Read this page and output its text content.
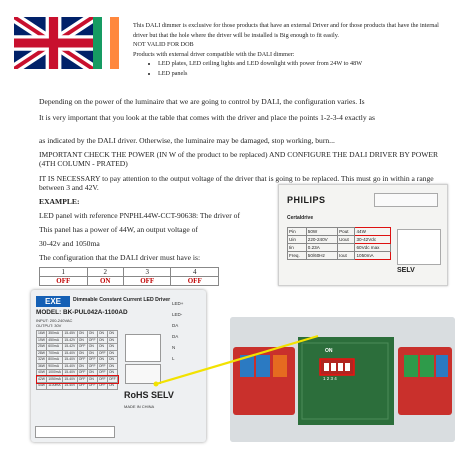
This DALI dimmer is exclusive for those products that have an external Driver and for those products that have the internal driver but that the hole where the driver will be installed is Big enough to fit easily.

NOT VALID FOR DOB

Products with external driver compatible with the DALI dimmer:

• LED plates, LED ceiling lights and LED downlight with power from 24W to 48W
• LED panels

Depending on the power of the luminaire that we are going to control by DALI, the configuration varies. Is

It is very important that you look at the table that comes with the driver and place the points 1-2-3-4 exactly as

as indicated by the DALI driver. Otherwise, the luminaire may be damaged, stop working, burn...

IMPORTANT CHECK THE POWER (IN W of the product to be replaced) AND CONFIGURE THE DALI DRIVER BY POWER (4TH COLUMN - PRATED)

IT IS NECESSARY to pay attention to the output voltage of the driver that is going to be replaced. This must go in within a range between 3 and 42V.

EXAMPLE:

LED panel with reference PNPHL44W-CCT-90638: The driver of

This panel has a power of 44W, an output voltage of

30-42v and 1050ma

The configuration that the DALI driver must have is:

1	2	3	4
OFF	ON	OFF	OFF
PHILIPS
Certaldrive
Pin	50W	Pout	44W
Uin	220-240V	Uout	30-42Vdc
Iin	0.23A		60Vdc max
Freq.	50/60Hz	Iout	1050mA
SELV
EXE	Dimmable Constant Current LED Driver
MODEL: BK-PUL042A-1100AD
INPUT: 200-240VAC
OUTPUT: 30V
16W	350mA	15-45V	ON	ON	ON	ON
19W	450mA	15-42V	ON	OFF	ON	ON
25W	600mA	15-42V	OFF	ON	ON	ON
28W	700mA	15-40V	ON	ON	OFF	ON
32W	800mA	15-40V	OFF	OFF	ON	ON
36W	900mA	15-40V	ON	OFF	OFF	ON
40W	1000mA	15-40V	OFF	ON	OFF	ON
42W	1050mA	15-40V	OFF	ON	OFF	OFF
44W	1100mA	15-40V	OFF	OFF	OFF	ON
RoHS SELV
MADE IN CHINA
LED+
LED-
DA
DA
N
L
ON
1 2 3 4
